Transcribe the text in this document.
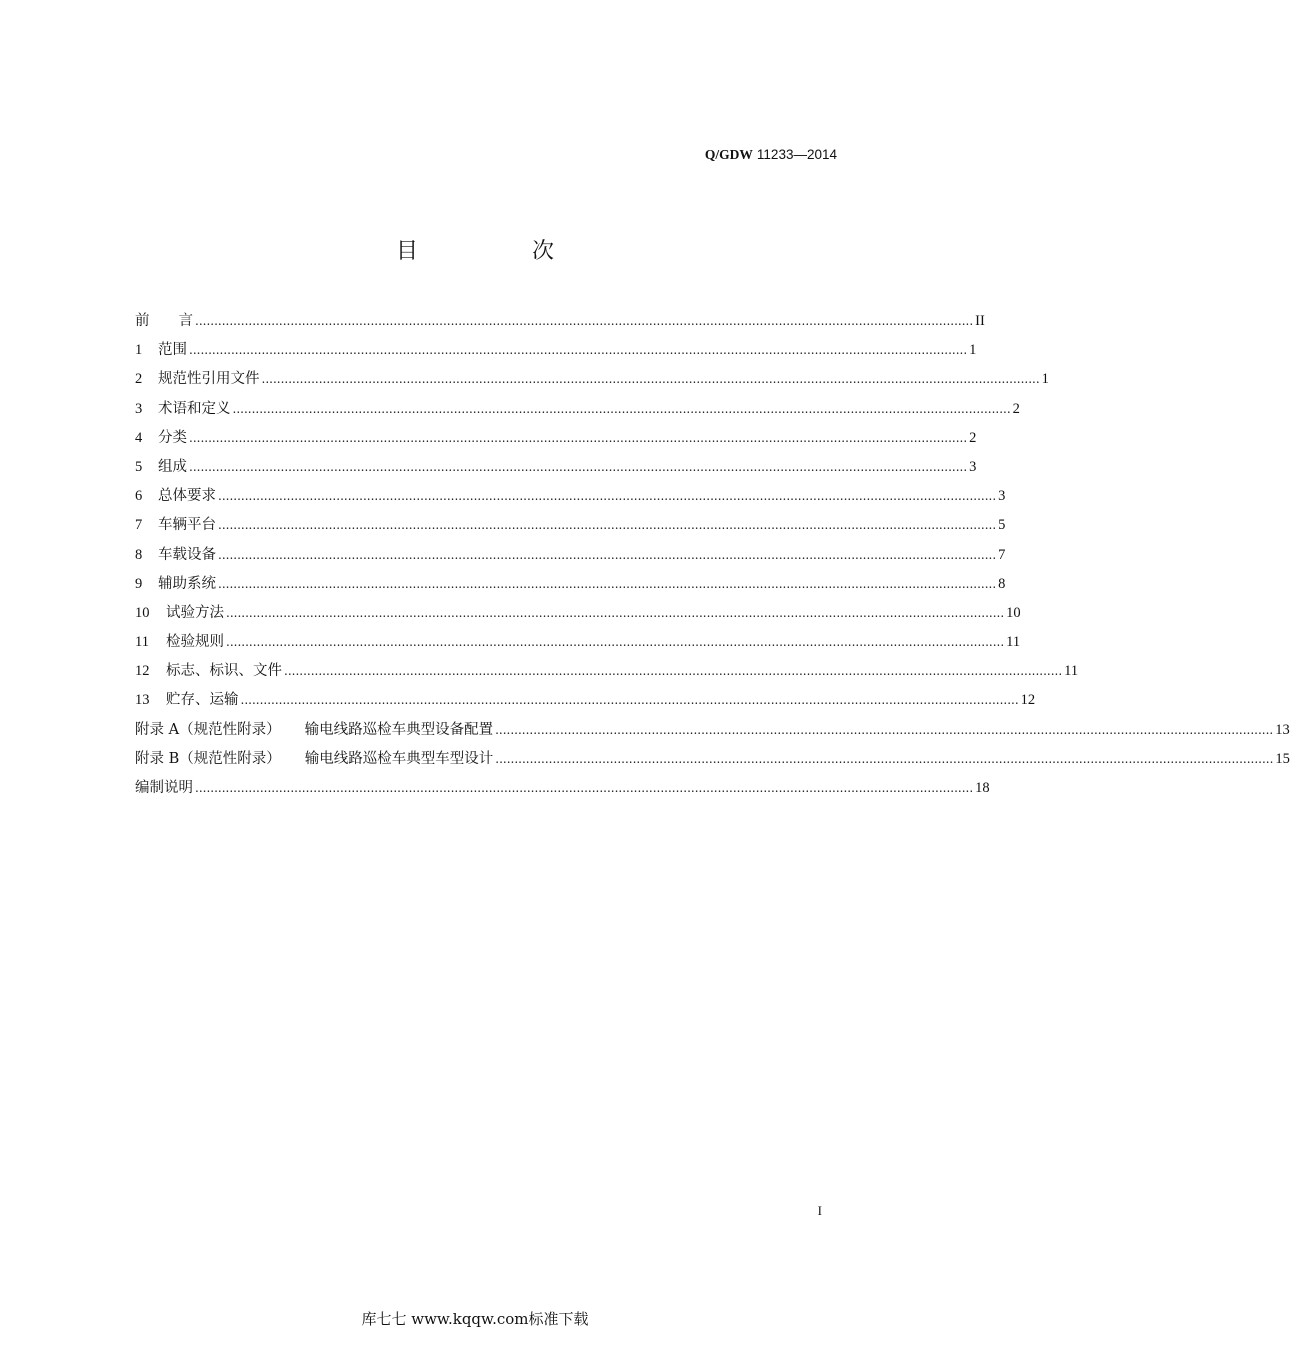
Q/GDW 11233—2014
目　次
前　　言 ............................................................................................................................................................................................................ II
1 范围 ............................................................................................................................................................................................................ 1
2 规范性引用文件 ............................................................................................................................................................................................................ 1
3 术语和定义 ............................................................................................................................................................................................................ 2
4 分类 ............................................................................................................................................................................................................ 2
5 组成 ............................................................................................................................................................................................................ 3
6 总体要求 ............................................................................................................................................................................................................ 3
7 车辆平台 ............................................................................................................................................................................................................ 5
8 车载设备 ............................................................................................................................................................................................................ 7
9 辅助系统 ............................................................................................................................................................................................................ 8
10 试验方法 ............................................................................................................................................................................................................ 10
11 检验规则 ............................................................................................................................................................................................................ 11
12 标志、标识、文件 ............................................................................................................................................................................................................ 11
13 贮存、运输 ............................................................................................................................................................................................................ 12
附录 A（规范性附录） 输电线路巡检车典型设备配置 ............................................................................................................................................................................................................ 13
附录 B（规范性附录） 输电线路巡检车典型车型设计 ............................................................................................................................................................................................................ 15
编制说明 ............................................................................................................................................................................................................ 18
I
库七七 www.kqqw.com标准下载
